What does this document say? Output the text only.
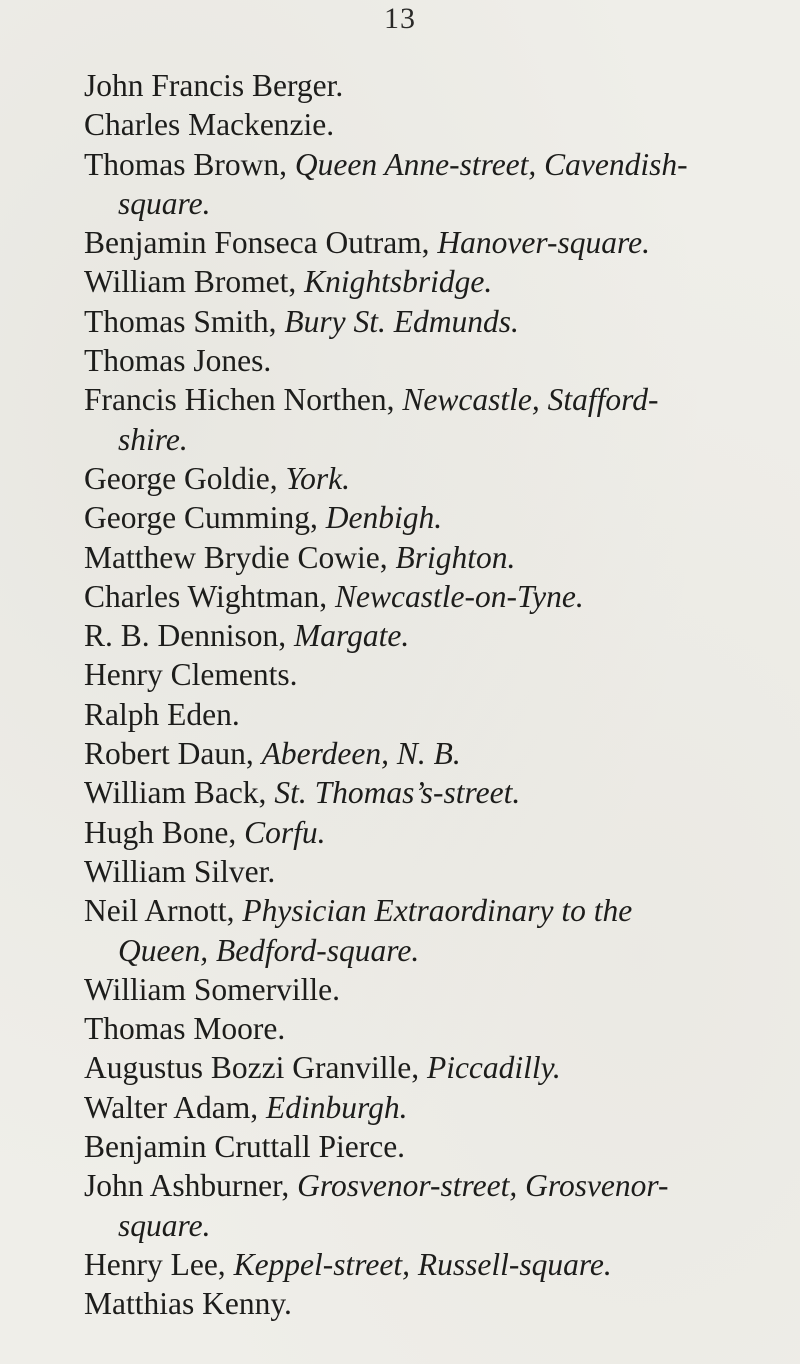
13
John Francis Berger.
Charles Mackenzie.
Thomas Brown, Queen Anne-street, Cavendish-
square.
Benjamin Fonseca Outram, Hanover-square.
William Bromet, Knightsbridge.
Thomas Smith, Bury St. Edmunds.
Thomas Jones.
Francis Hichen Northen, Newcastle, Stafford-
shire.
George Goldie, York.
George Cumming, Denbigh.
Matthew Brydie Cowie, Brighton.
Charles Wightman, Newcastle-on-Tyne.
R. B. Dennison, Margate.
Henry Clements.
Ralph Eden.
Robert Daun, Aberdeen, N. B.
William Back, St. Thomas’s-street.
Hugh Bone, Corfu.
William Silver.
Neil Arnott, Physician Extraordinary to the
Queen, Bedford-square.
William Somerville.
Thomas Moore.
Augustus Bozzi Granville, Piccadilly.
Walter Adam, Edinburgh.
Benjamin Cruttall Pierce.
John Ashburner, Grosvenor-street, Grosvenor-
square.
Henry Lee, Keppel-street, Russell-square.
Matthias Kenny.
